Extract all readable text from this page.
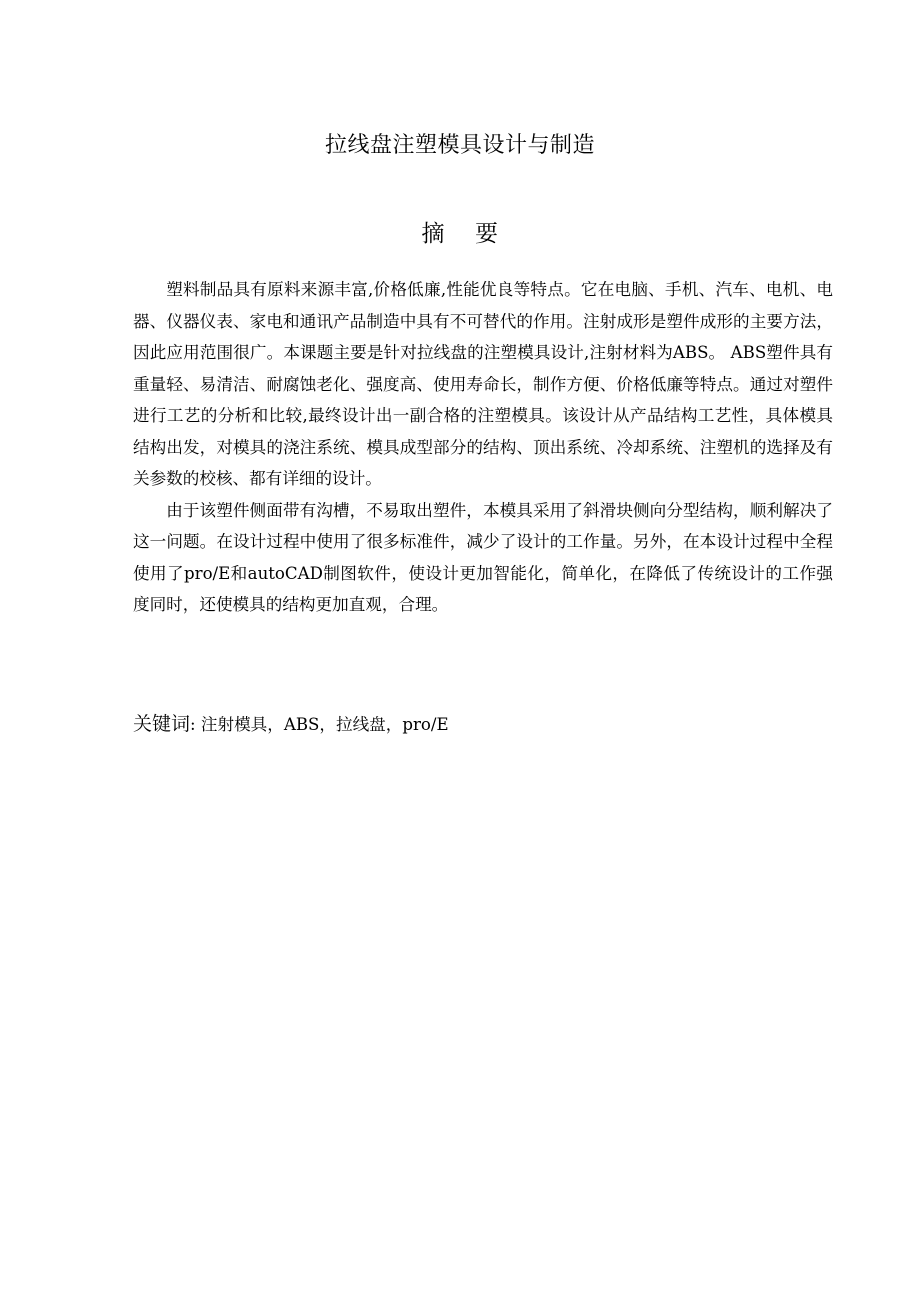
拉线盘注塑模具设计与制造
摘 要

塑料制品具有原料来源丰富,价格低廉,性能优良等特点。它在电脑、手机、汽车、电机、电器、仪器仪表、家电和通讯产品制造中具有不可替代的作用。注射成形是塑件成形的主要方法，因此应用范围很广。本课题主要是针对拉线盘的注塑模具设计,注射材料为ABS。 ABS塑件具有重量轻、易清洁、耐腐蚀老化、强度高、使用寿命长，制作方便、价格低廉等特点。通过对塑件进行工艺的分析和比较,最终设计出一副合格的注塑模具。该设计从产品结构工艺性，具体模具结构出发，对模具的浇注系统、模具成型部分的结构、顶出系统、冷却系统、注塑机的选择及有关参数的校核、都有详细的设计。

由于该塑件侧面带有沟槽，不易取出塑件，本模具采用了斜滑块侧向分型结构，顺利解决了这一问题。在设计过程中使用了很多标准件，减少了设计的工作量。另外，在本设计过程中全程使用了pro/E和autoCAD制图软件，使设计更加智能化，简单化，在降低了传统设计的工作强度同时，还使模具的结构更加直观，合理。

关键词: 注射模具，ABS，拉线盘，pro/E
